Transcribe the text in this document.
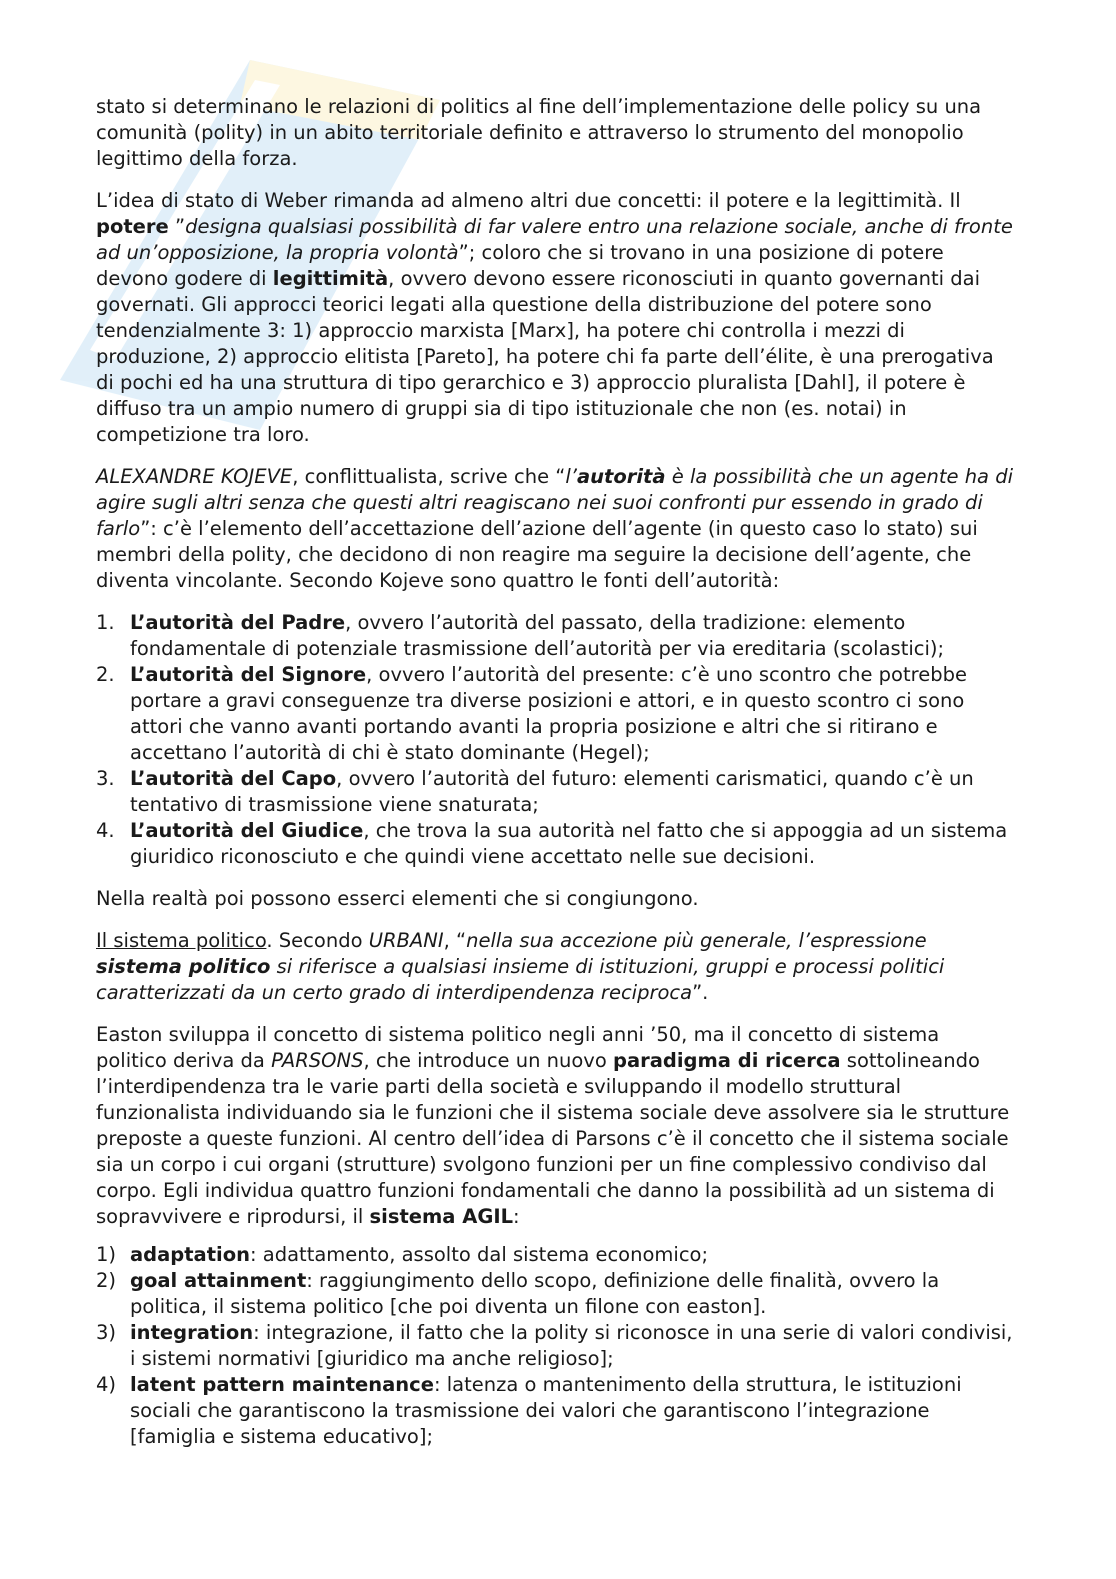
stato si determinano le relazioni di politics al fine dell’implementazione delle policy su una comunità (polity) in un abito territoriale definito e attraverso lo strumento del monopolio legittimo della forza.

L’idea di stato di Weber rimanda ad almeno altri due concetti: il potere e la legittimità. Il potere ”designa qualsiasi possibilità di far valere entro una relazione sociale, anche di fronte ad un’opposizione, la propria volontà”; coloro che si trovano in una posizione di potere devono godere di legittimità, ovvero devono essere riconosciuti in quanto governanti dai governati. Gli approcci teorici legati alla questione della distribuzione del potere sono tendenzialmente 3: 1) approccio marxista [Marx], ha potere chi controlla i mezzi di produzione, 2) approccio elitista [Pareto], ha potere chi fa parte dell’élite, è una prerogativa di pochi ed ha una struttura di tipo gerarchico e 3) approccio pluralista [Dahl], il potere è diffuso tra un ampio numero di gruppi sia di tipo istituzionale che non (es. notai) in competizione tra loro.

ALEXANDRE KOJEVE, conflittualista, scrive che “l’autorità è la possibilità che un agente ha di agire sugli altri senza che questi altri reagiscano nei suoi confronti pur essendo in grado di farlo”: c’è l’elemento dell’accettazione dell’azione dell’agente (in questo caso lo stato) sui membri della polity, che decidono di non reagire ma seguire la decisione dell’agente, che diventa vincolante. Secondo Kojeve sono quattro le fonti dell’autorità:

1. L’autorità del Padre, ovvero l’autorità del passato, della tradizione: elemento fondamentale di potenziale trasmissione dell’autorità per via ereditaria (scolastici);
2. L’autorità del Signore, ovvero l’autorità del presente: c’è uno scontro che potrebbe portare a gravi conseguenze tra diverse posizioni e attori, e in questo scontro ci sono attori che vanno avanti portando avanti la propria posizione e altri che si ritirano e accettano l’autorità di chi è stato dominante (Hegel);
3. L’autorità del Capo, ovvero l’autorità del futuro: elementi carismatici, quando c’è un tentativo di trasmissione viene snaturata;
4. L’autorità del Giudice, che trova la sua autorità nel fatto che si appoggia ad un sistema giuridico riconosciuto e che quindi viene accettato nelle sue decisioni.

Nella realtà poi possono esserci elementi che si congiungono.

Il sistema politico. Secondo URBANI, “nella sua accezione più generale, l’espressione sistema politico si riferisce a qualsiasi insieme di istituzioni, gruppi e processi politici caratterizzati da un certo grado di interdipendenza reciproca”.

Easton sviluppa il concetto di sistema politico negli anni ’50, ma il concetto di sistema politico deriva da PARSONS, che introduce un nuovo paradigma di ricerca sottolineando l’interdipendenza tra le varie parti della società e sviluppando il modello struttural funzionalista individuando sia le funzioni che il sistema sociale deve assolvere sia le strutture preposte a queste funzioni. Al centro dell’idea di Parsons c’è il concetto che il sistema sociale sia un corpo i cui organi (strutture) svolgono funzioni per un fine complessivo condiviso dal corpo. Egli individua quattro funzioni fondamentali che danno la possibilità ad un sistema di sopravvivere e riprodursi, il sistema AGIL:

1) adaptation: adattamento, assolto dal sistema economico;
2) goal attainment: raggiungimento dello scopo, definizione delle finalità, ovvero la politica, il sistema politico [che poi diventa un filone con easton].
3) integration: integrazione, il fatto che la polity si riconosce in una serie di valori condivisi, i sistemi normativi [giuridico ma anche religioso];
4) latent pattern maintenance: latenza o mantenimento della struttura, le istituzioni sociali che garantiscono la trasmissione dei valori che garantiscono l’integrazione [famiglia e sistema educativo];
